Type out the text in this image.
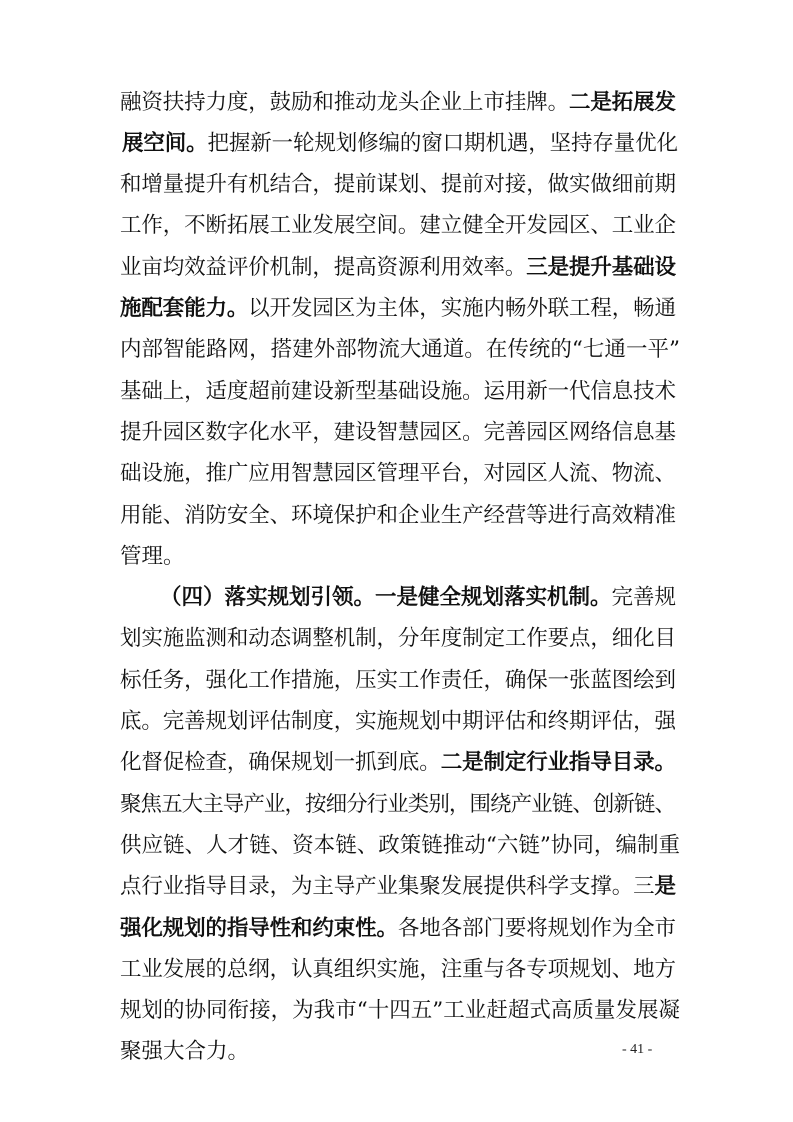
融资扶持力度，鼓励和推动龙头企业上市挂牌。二是拓展发
展空间。把握新一轮规划修编的窗口期机遇，坚持存量优化
和增量提升有机结合，提前谋划、提前对接，做实做细前期
工作，不断拓展工业发展空间。建立健全开发园区、工业企
业亩均效益评价机制，提高资源利用效率。三是提升基础设
施配套能力。以开发园区为主体，实施内畅外联工程，畅通
内部智能路网，搭建外部物流大通道。在传统的“七通一平”
基础上，适度超前建设新型基础设施。运用新一代信息技术
提升园区数字化水平，建设智慧园区。完善园区网络信息基
础设施，推广应用智慧园区管理平台，对园区人流、物流、
用能、消防安全、环境保护和企业生产经营等进行高效精准
管理。
（四）落实规划引领。一是健全规划落实机制。完善规
划实施监测和动态调整机制，分年度制定工作要点，细化目
标任务，强化工作措施，压实工作责任，确保一张蓝图绘到
底。完善规划评估制度，实施规划中期评估和终期评估，强
化督促检查，确保规划一抓到底。二是制定行业指导目录。
聚焦五大主导产业，按细分行业类别，围绕产业链、创新链、
供应链、人才链、资本链、政策链推动“六链”协同，编制重
点行业指导目录，为主导产业集聚发展提供科学支撑。三是
强化规划的指导性和约束性。各地各部门要将规划作为全市
工业发展的总纲，认真组织实施，注重与各专项规划、地方
规划的协同衔接，为我市“十四五”工业赶超式高质量发展凝
聚强大合力。	- 41 -
